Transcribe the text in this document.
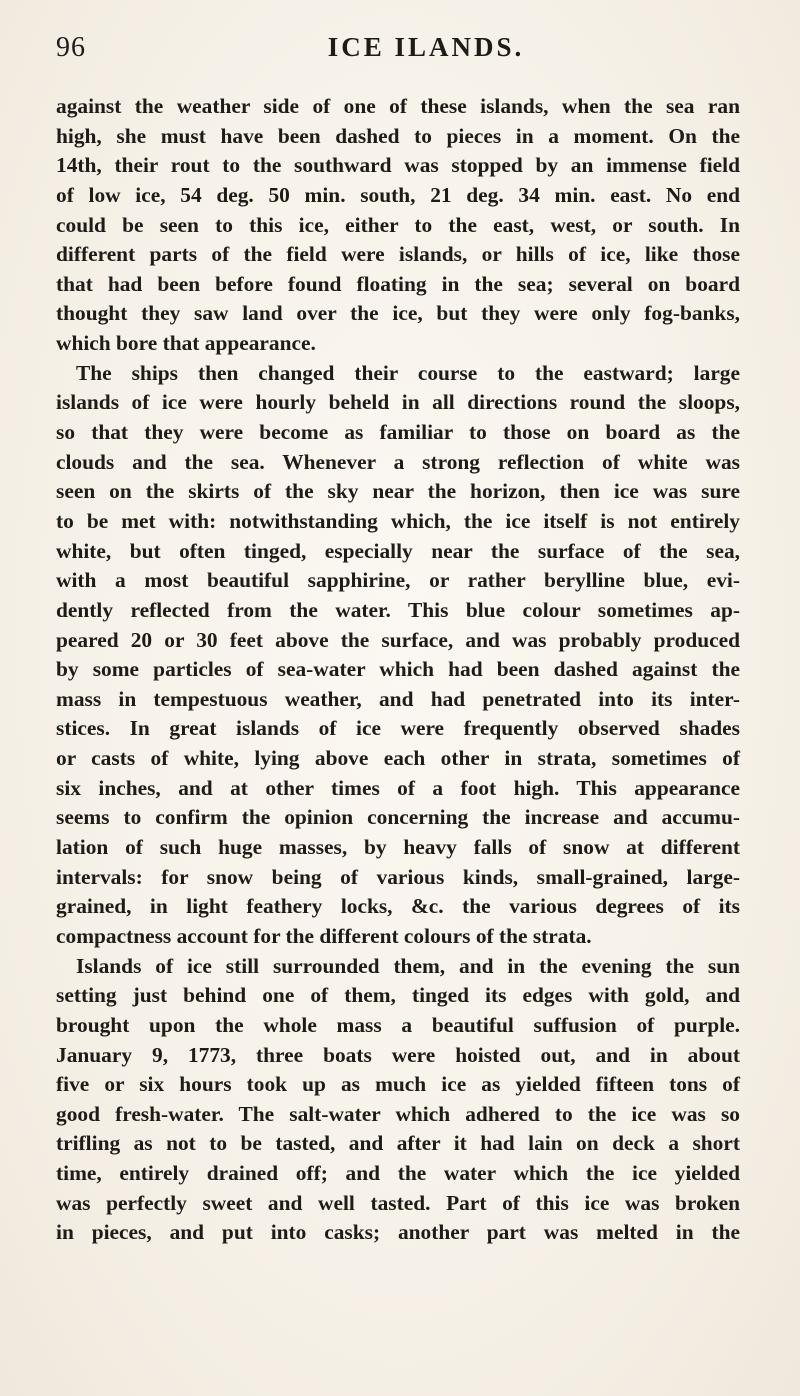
96	ICE ILANDS.
against the weather side of one of these islands, when the sea ran
high, she must have been dashed to pieces in a moment. On the
14th, their rout to the southward was stopped by an immense field
of low ice, 54 deg. 50 min. south, 21 deg. 34 min. east. No end
could be seen to this ice, either to the east, west, or south. In
different parts of the field were islands, or hills of ice, like those
that had been before found floating in the sea; several on board
thought they saw land over the ice, but they were only fog-banks,
which bore that appearance.
The ships then changed their course to the eastward; large
islands of ice were hourly beheld in all directions round the sloops,
so that they were become as familiar to those on board as the
clouds and the sea. Whenever a strong reflection of white was
seen on the skirts of the sky near the horizon, then ice was sure
to be met with: notwithstanding which, the ice itself is not entirely
white, but often tinged, especially near the surface of the sea,
with a most beautiful sapphirine, or rather berylline blue, evi-
dently reflected from the water. This blue colour sometimes ap-
peared 20 or 30 feet above the surface, and was probably produced
by some particles of sea-water which had been dashed against the
mass in tempestuous weather, and had penetrated into its inter-
stices. In great islands of ice were frequently observed shades
or casts of white, lying above each other in strata, sometimes of
six inches, and at other times of a foot high. This appearance
seems to confirm the opinion concerning the increase and accumu-
lation of such huge masses, by heavy falls of snow at different
intervals: for snow being of various kinds, small-grained, large-
grained, in light feathery locks, &c. the various degrees of its
compactness account for the different colours of the strata.
Islands of ice still surrounded them, and in the evening the sun
setting just behind one of them, tinged its edges with gold, and
brought upon the whole mass a beautiful suffusion of purple.
January 9, 1773, three boats were hoisted out, and in about
five or six hours took up as much ice as yielded fifteen tons of
good fresh-water. The salt-water which adhered to the ice was so
trifling as not to be tasted, and after it had lain on deck a short
time, entirely drained off; and the water which the ice yielded
was perfectly sweet and well tasted. Part of this ice was broken
in pieces, and put into casks; another part was melted in the
